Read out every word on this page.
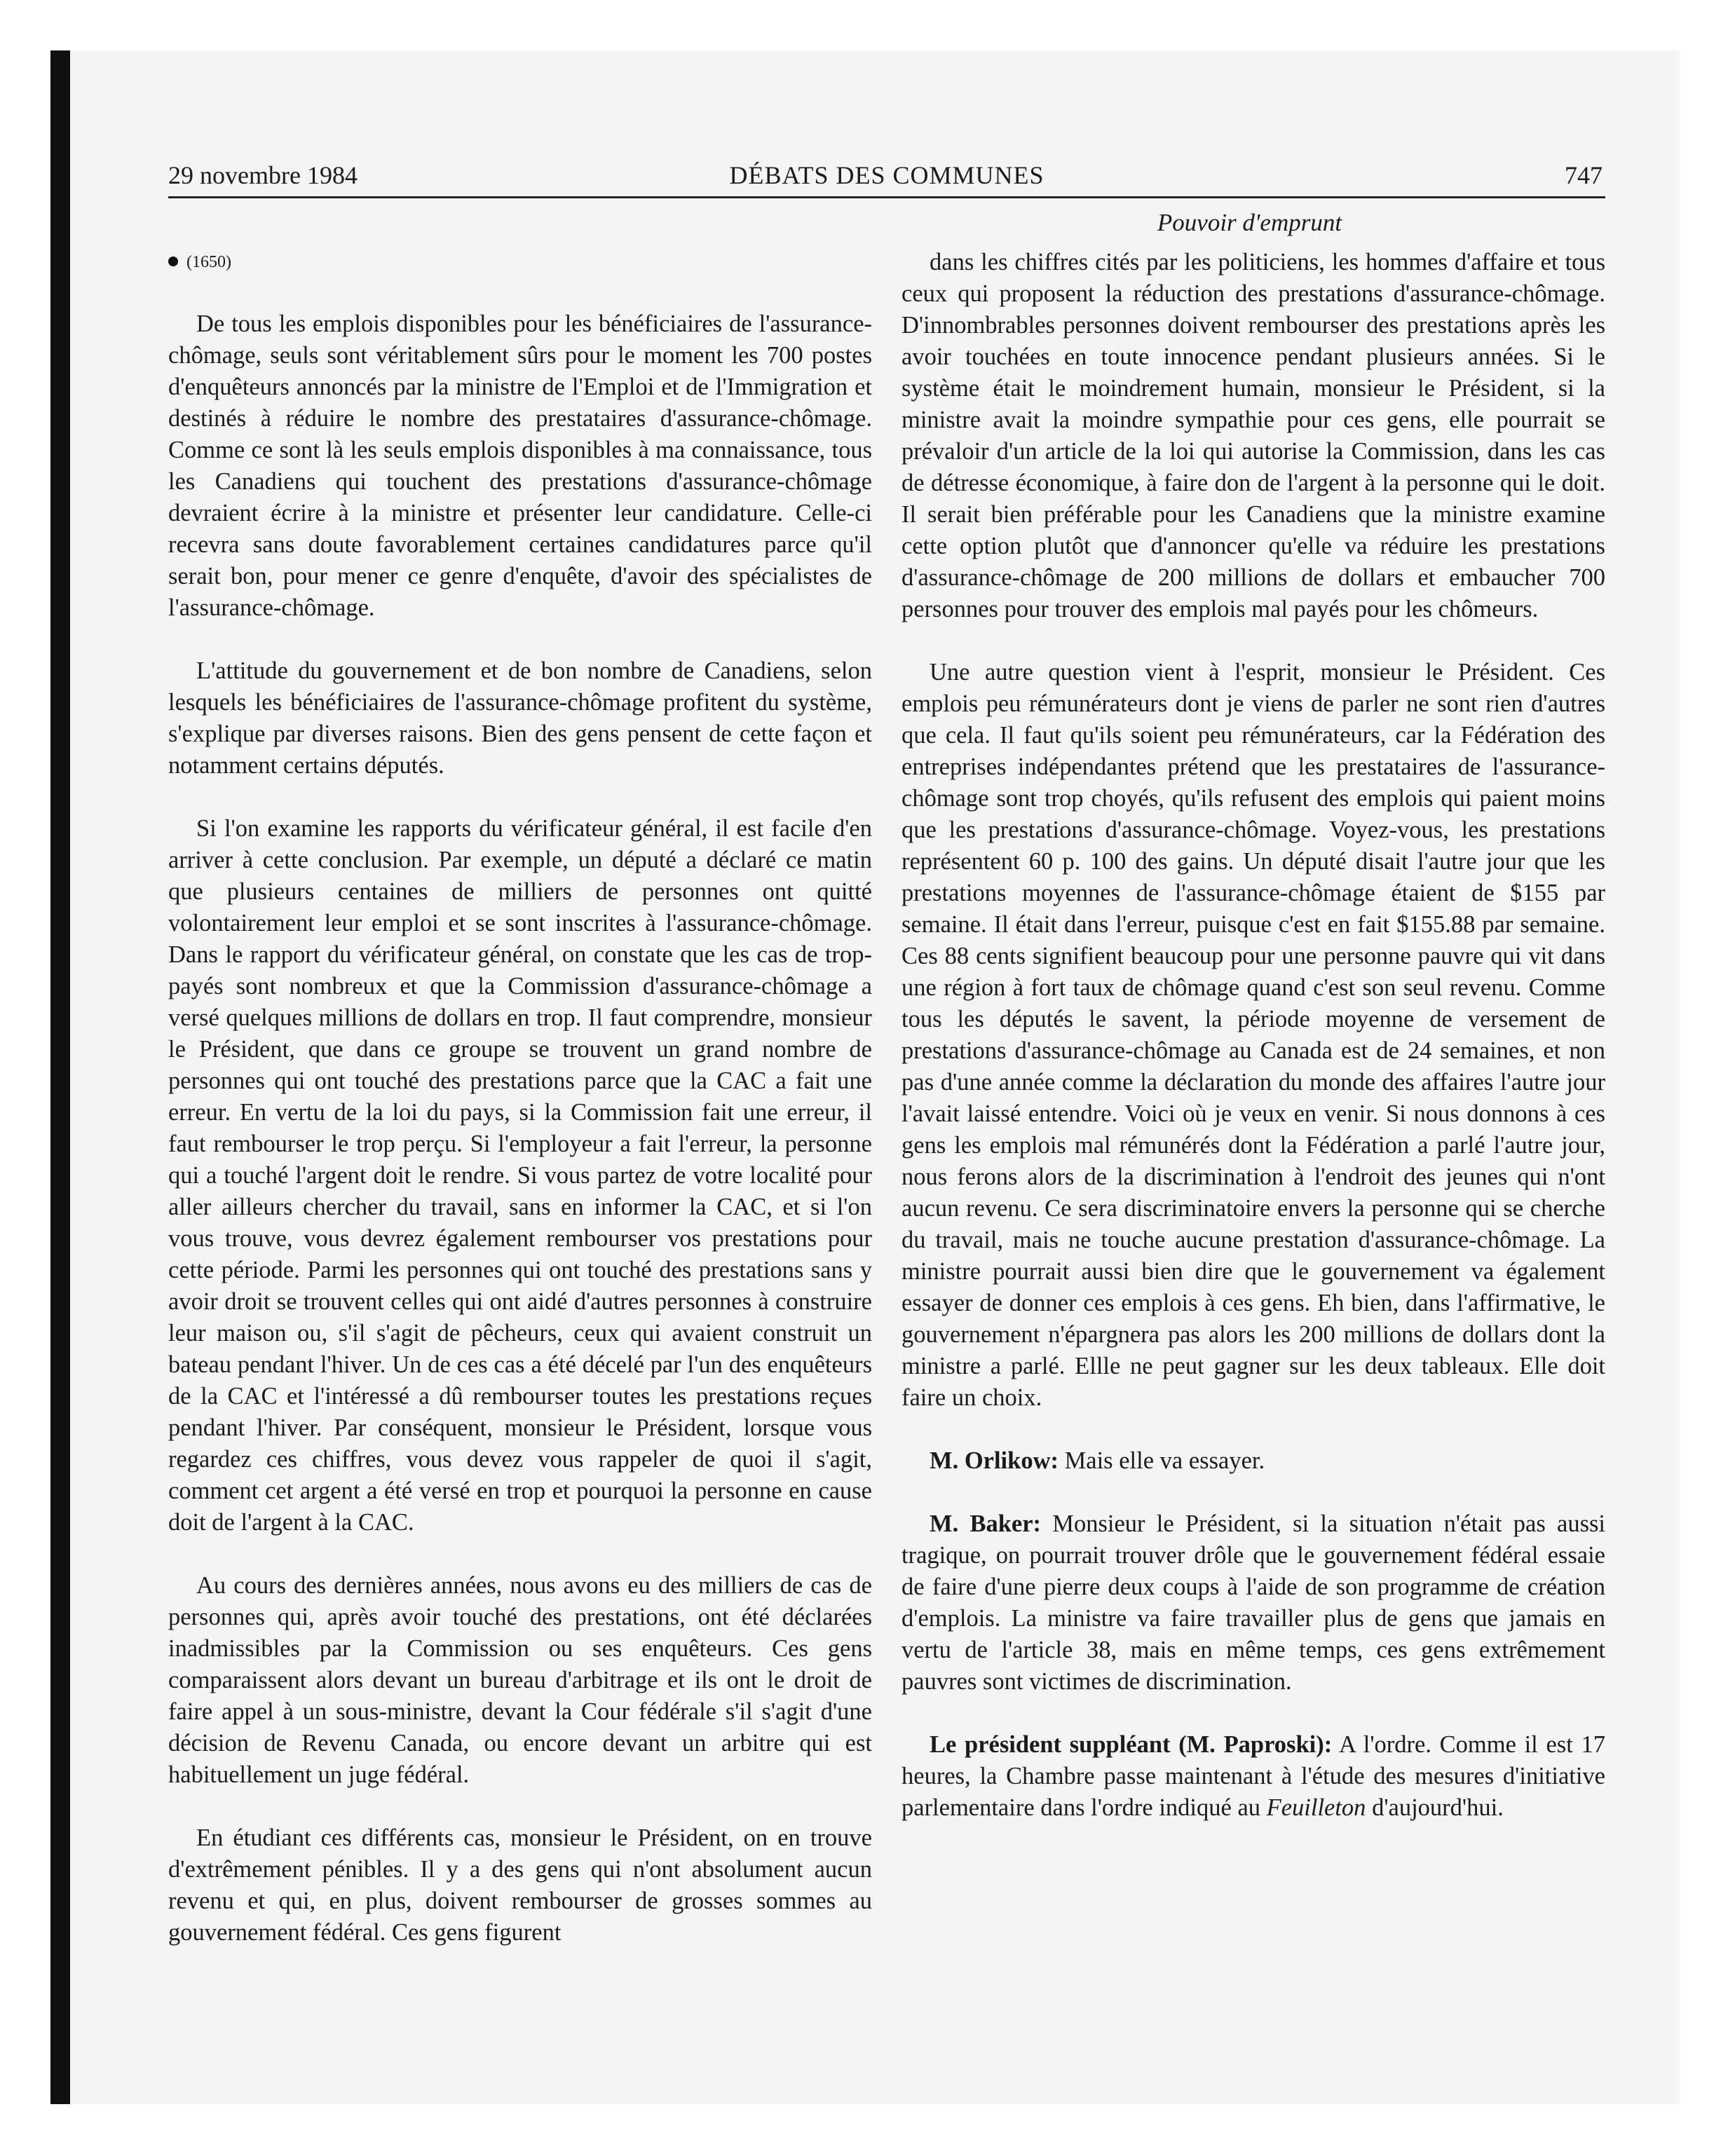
29 novembre 1984	DÉBATS DES COMMUNES	747
Pouvoir d'emprunt
(1650)

De tous les emplois disponibles pour les bénéficiaires de l'assurance-chômage, seuls sont véritablement sûrs pour le moment les 700 postes d'enquêteurs annoncés par la ministre de l'Emploi et de l'Immigration et destinés à réduire le nombre des prestataires d'assurance-chômage. Comme ce sont là les seuls emplois disponibles à ma connaissance, tous les Canadiens qui touchent des prestations d'assurance-chômage devraient écrire à la ministre et présenter leur candidature. Celle-ci recevra sans doute favorablement certaines candidatures parce qu'il serait bon, pour mener ce genre d'enquête, d'avoir des spécialistes de l'assurance-chômage.

L'attitude du gouvernement et de bon nombre de Canadiens, selon lesquels les bénéficiaires de l'assurance-chômage profitent du système, s'explique par diverses raisons. Bien des gens pensent de cette façon et notamment certains députés.

Si l'on examine les rapports du vérificateur général, il est facile d'en arriver à cette conclusion. Par exemple, un député a déclaré ce matin que plusieurs centaines de milliers de personnes ont quitté volontairement leur emploi et se sont inscrites à l'assurance-chômage. Dans le rapport du vérificateur général, on constate que les cas de trop-payés sont nombreux et que la Commission d'assurance-chômage a versé quelques millions de dollars en trop. Il faut comprendre, monsieur le Président, que dans ce groupe se trouvent un grand nombre de personnes qui ont touché des prestations parce que la CAC a fait une erreur. En vertu de la loi du pays, si la Commission fait une erreur, il faut rembourser le trop perçu. Si l'employeur a fait l'erreur, la personne qui a touché l'argent doit le rendre. Si vous partez de votre localité pour aller ailleurs chercher du travail, sans en informer la CAC, et si l'on vous trouve, vous devrez également rembourser vos prestations pour cette période. Parmi les personnes qui ont touché des prestations sans y avoir droit se trouvent celles qui ont aidé d'autres personnes à construire leur maison ou, s'il s'agit de pêcheurs, ceux qui avaient construit un bateau pendant l'hiver. Un de ces cas a été décelé par l'un des enquêteurs de la CAC et l'intéressé a dû rembourser toutes les prestations reçues pendant l'hiver. Par conséquent, monsieur le Président, lorsque vous regardez ces chiffres, vous devez vous rappeler de quoi il s'agit, comment cet argent a été versé en trop et pourquoi la personne en cause doit de l'argent à la CAC.

Au cours des dernières années, nous avons eu des milliers de cas de personnes qui, après avoir touché des prestations, ont été déclarées inadmissibles par la Commission ou ses enquêteurs. Ces gens comparaissent alors devant un bureau d'arbitrage et ils ont le droit de faire appel à un sous-ministre, devant la Cour fédérale s'il s'agit d'une décision de Revenu Canada, ou encore devant un arbitre qui est habituellement un juge fédéral.

En étudiant ces différents cas, monsieur le Président, on en trouve d'extrêmement pénibles. Il y a des gens qui n'ont absolument aucun revenu et qui, en plus, doivent rembourser de grosses sommes au gouvernement fédéral. Ces gens figurent

dans les chiffres cités par les politiciens, les hommes d'affaire et tous ceux qui proposent la réduction des prestations d'assurance-chômage. D'innombrables personnes doivent rembourser des prestations après les avoir touchées en toute innocence pendant plusieurs années. Si le système était le moindrement humain, monsieur le Président, si la ministre avait la moindre sympathie pour ces gens, elle pourrait se prévaloir d'un article de la loi qui autorise la Commission, dans les cas de détresse économique, à faire don de l'argent à la personne qui le doit. Il serait bien préférable pour les Canadiens que la ministre examine cette option plutôt que d'annoncer qu'elle va réduire les prestations d'assurance-chômage de 200 millions de dollars et embaucher 700 personnes pour trouver des emplois mal payés pour les chômeurs.

Une autre question vient à l'esprit, monsieur le Président. Ces emplois peu rémunérateurs dont je viens de parler ne sont rien d'autres que cela. Il faut qu'ils soient peu rémunérateurs, car la Fédération des entreprises indépendantes prétend que les prestataires de l'assurance-chômage sont trop choyés, qu'ils refusent des emplois qui paient moins que les prestations d'assurance-chômage. Voyez-vous, les prestations représentent 60 p. 100 des gains. Un député disait l'autre jour que les prestations moyennes de l'assurance-chômage étaient de $155 par semaine. Il était dans l'erreur, puisque c'est en fait $155.88 par semaine. Ces 88 cents signifient beaucoup pour une personne pauvre qui vit dans une région à fort taux de chômage quand c'est son seul revenu. Comme tous les députés le savent, la période moyenne de versement de prestations d'assurance-chômage au Canada est de 24 semaines, et non pas d'une année comme la déclaration du monde des affaires l'autre jour l'avait laissé entendre. Voici où je veux en venir. Si nous donnons à ces gens les emplois mal rémunérés dont la Fédération a parlé l'autre jour, nous ferons alors de la discrimination à l'endroit des jeunes qui n'ont aucun revenu. Ce sera discriminatoire envers la personne qui se cherche du travail, mais ne touche aucune prestation d'assurance-chômage. La ministre pourrait aussi bien dire que le gouvernement va également essayer de donner ces emplois à ces gens. Eh bien, dans l'affirmative, le gouvernement n'épargnera pas alors les 200 millions de dollars dont la ministre a parlé. Ellle ne peut gagner sur les deux tableaux. Elle doit faire un choix.

M. Orlikow: Mais elle va essayer.

M. Baker: Monsieur le Président, si la situation n'était pas aussi tragique, on pourrait trouver drôle que le gouvernement fédéral essaie de faire d'une pierre deux coups à l'aide de son programme de création d'emplois. La ministre va faire travailler plus de gens que jamais en vertu de l'article 38, mais en même temps, ces gens extrêmement pauvres sont victimes de discrimination.

Le président suppléant (M. Paproski): A l'ordre. Comme il est 17 heures, la Chambre passe maintenant à l'étude des mesures d'initiative parlementaire dans l'ordre indiqué au Feuilleton d'aujourd'hui.
